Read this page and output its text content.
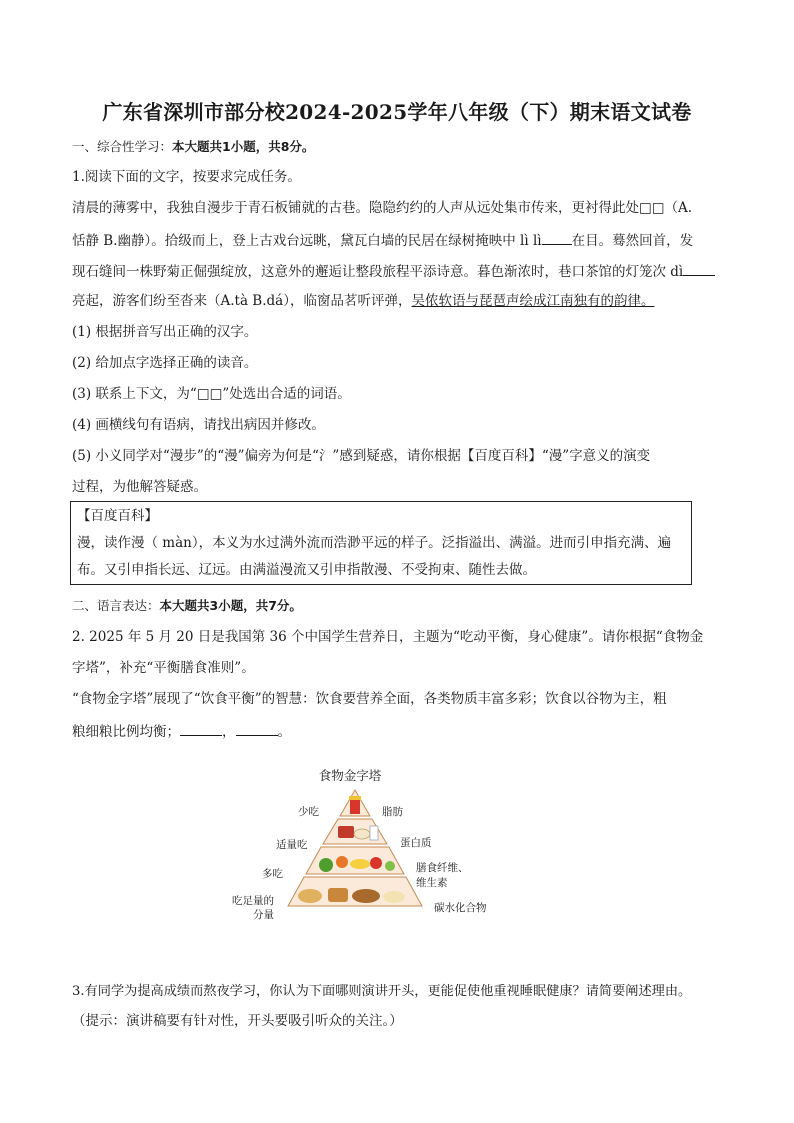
广东省深圳市部分校2024-2025学年八年级（下）期末语文试卷
一、综合性学习：本大题共1小题，共8分。
1.阅读下面的文字，按要求完成任务。
清晨的薄雾中，我独自漫步于青石板铺就的古巷。隐隐约约的人声从远处集市传来，更衬得此处□□（A.
恬静 B.幽静）。拾级而上，登上古戏台远眺，黛瓦白墙的民居在绿树掩映中 lì lì 在目。蓦然回首，发
现石缝间一株野菊正倔强绽放，这意外的邂逅让整段旅程平添诗意。暮色渐浓时，巷口茶馆的灯笼次 dì
亮起，游客们纷至沓来（A.tà B.dá），临窗品茗听评弹，吴侬软语与琵琶声绘成江南独有的韵律。
(1) 根据拼音写出正确的汉字。
(2) 给加点字选择正确的读音。
(3) 联系上下文，为“□□”处选出合适的词语。
(4) 画横线句有语病，请找出病因并修改。
(5) 小义同学对“漫步”的“漫”偏旁为何是“氵”感到疑惑，请你根据【百度百科】“漫”字意义的演变
过程，为他解答疑惑。
【百度百科】
漫，读作漫（ màn），本义为水过满外流而浩渺平远的样子。泛指溢出、满溢。进而引申指充满、遍
布。又引申指长远、辽远。由满溢漫流又引申指散漫、不受拘束、随性去做。
二、语言表达：本大题共3小题，共7分。
2. 2025 年 5 月 20 日是我国第 36 个中国学生营养日，主题为“吃动平衡，身心健康”。请你根据“食物金
字塔”，补充“平衡膳食准则”。
“食物金字塔”展现了“饮食平衡”的智慧：饮食要营养全面，各类物质丰富多彩；饮食以谷物为主，粗
粮细粮比例均衡；	，	。
食物金字塔
少吃
适量吃
多吃
吃足量的
分量
脂肪
蛋白质
膳食纤维、
维生素
碳水化合物
3.有同学为提高成绩而熬夜学习，你认为下面哪则演讲开头，更能促使他重视睡眠健康？请简要阐述理由。
（提示：演讲稿要有针对性，开头要吸引听众的关注。）
